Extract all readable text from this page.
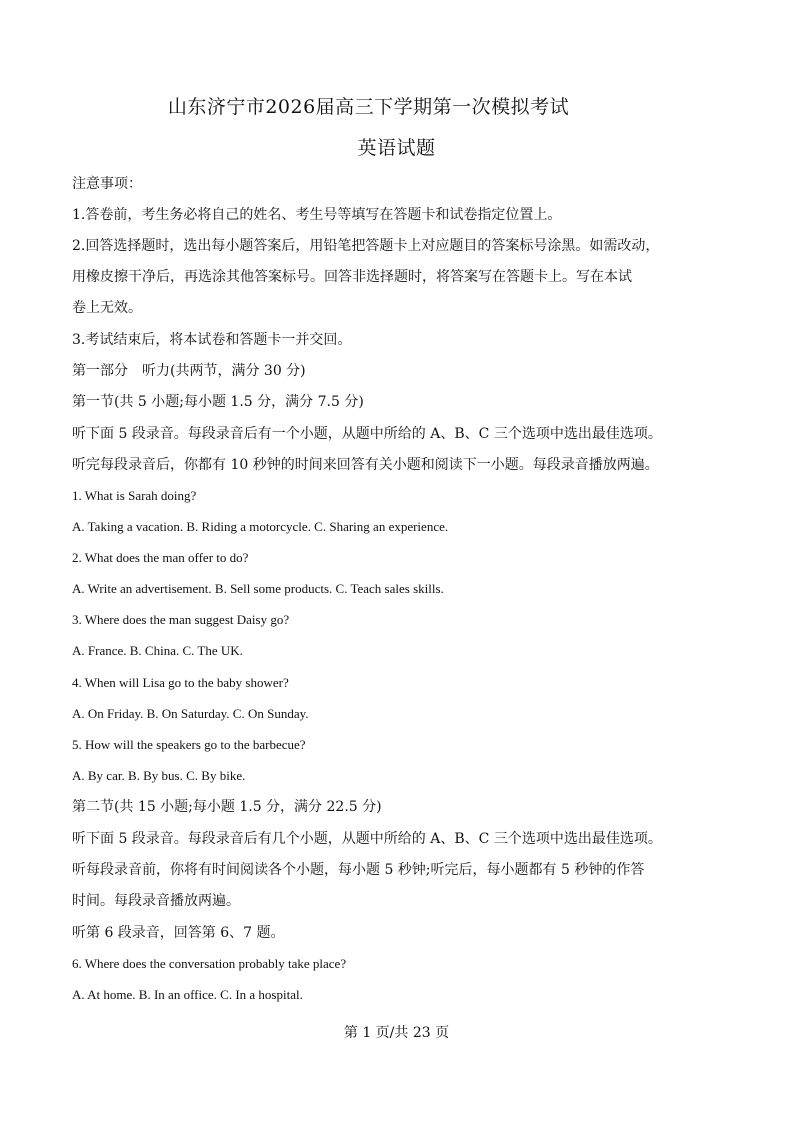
山东济宁市2026届高三下学期第一次模拟考试
英语试题
注意事项：
1.答卷前，考生务必将自己的姓名、考生号等填写在答题卡和试卷指定位置上。
2.回答选择题时，选出每小题答案后，用铅笔把答题卡上对应题目的答案标号涂黑。如需改动，
用橡皮擦干净后，再选涂其他答案标号。回答非选择题时，将答案写在答题卡上。写在本试
卷上无效。
3.考试结束后，将本试卷和答题卡一并交回。
第一部分　听力(共两节，满分 30 分)
第一节(共 5 小题;每小题 1.5 分，满分 7.5 分)
听下面 5 段录音。每段录音后有一个小题，从题中所给的 A、B、C 三个选项中选出最佳选项。
听完每段录音后，你都有 10 秒钟的时间来回答有关小题和阅读下一小题。每段录音播放两遍。
1. What is Sarah doing?
A. Taking a vacation. B. Riding a motorcycle. C. Sharing an experience.
2. What does the man offer to do?
A. Write an advertisement. B. Sell some products. C. Teach sales skills.
3. Where does the man suggest Daisy go?
A. France. B. China. C. The UK.
4. When will Lisa go to the baby shower?
A. On Friday. B. On Saturday. C. On Sunday.
5. How will the speakers go to the barbecue?
A. By car. B. By bus. C. By bike.
第二节(共 15 小题;每小题 1.5 分，满分 22.5 分)
听下面 5 段录音。每段录音后有几个小题，从题中所给的 A、B、C 三个选项中选出最佳选项。
听每段录音前，你将有时间阅读各个小题，每小题 5 秒钟;听完后，每小题都有 5 秒钟的作答
时间。每段录音播放两遍。
听第 6 段录音，回答第 6、7 题。
6. Where does the conversation probably take place?
A. At home. B. In an office. C. In a hospital.
第 1 页/共 23 页
